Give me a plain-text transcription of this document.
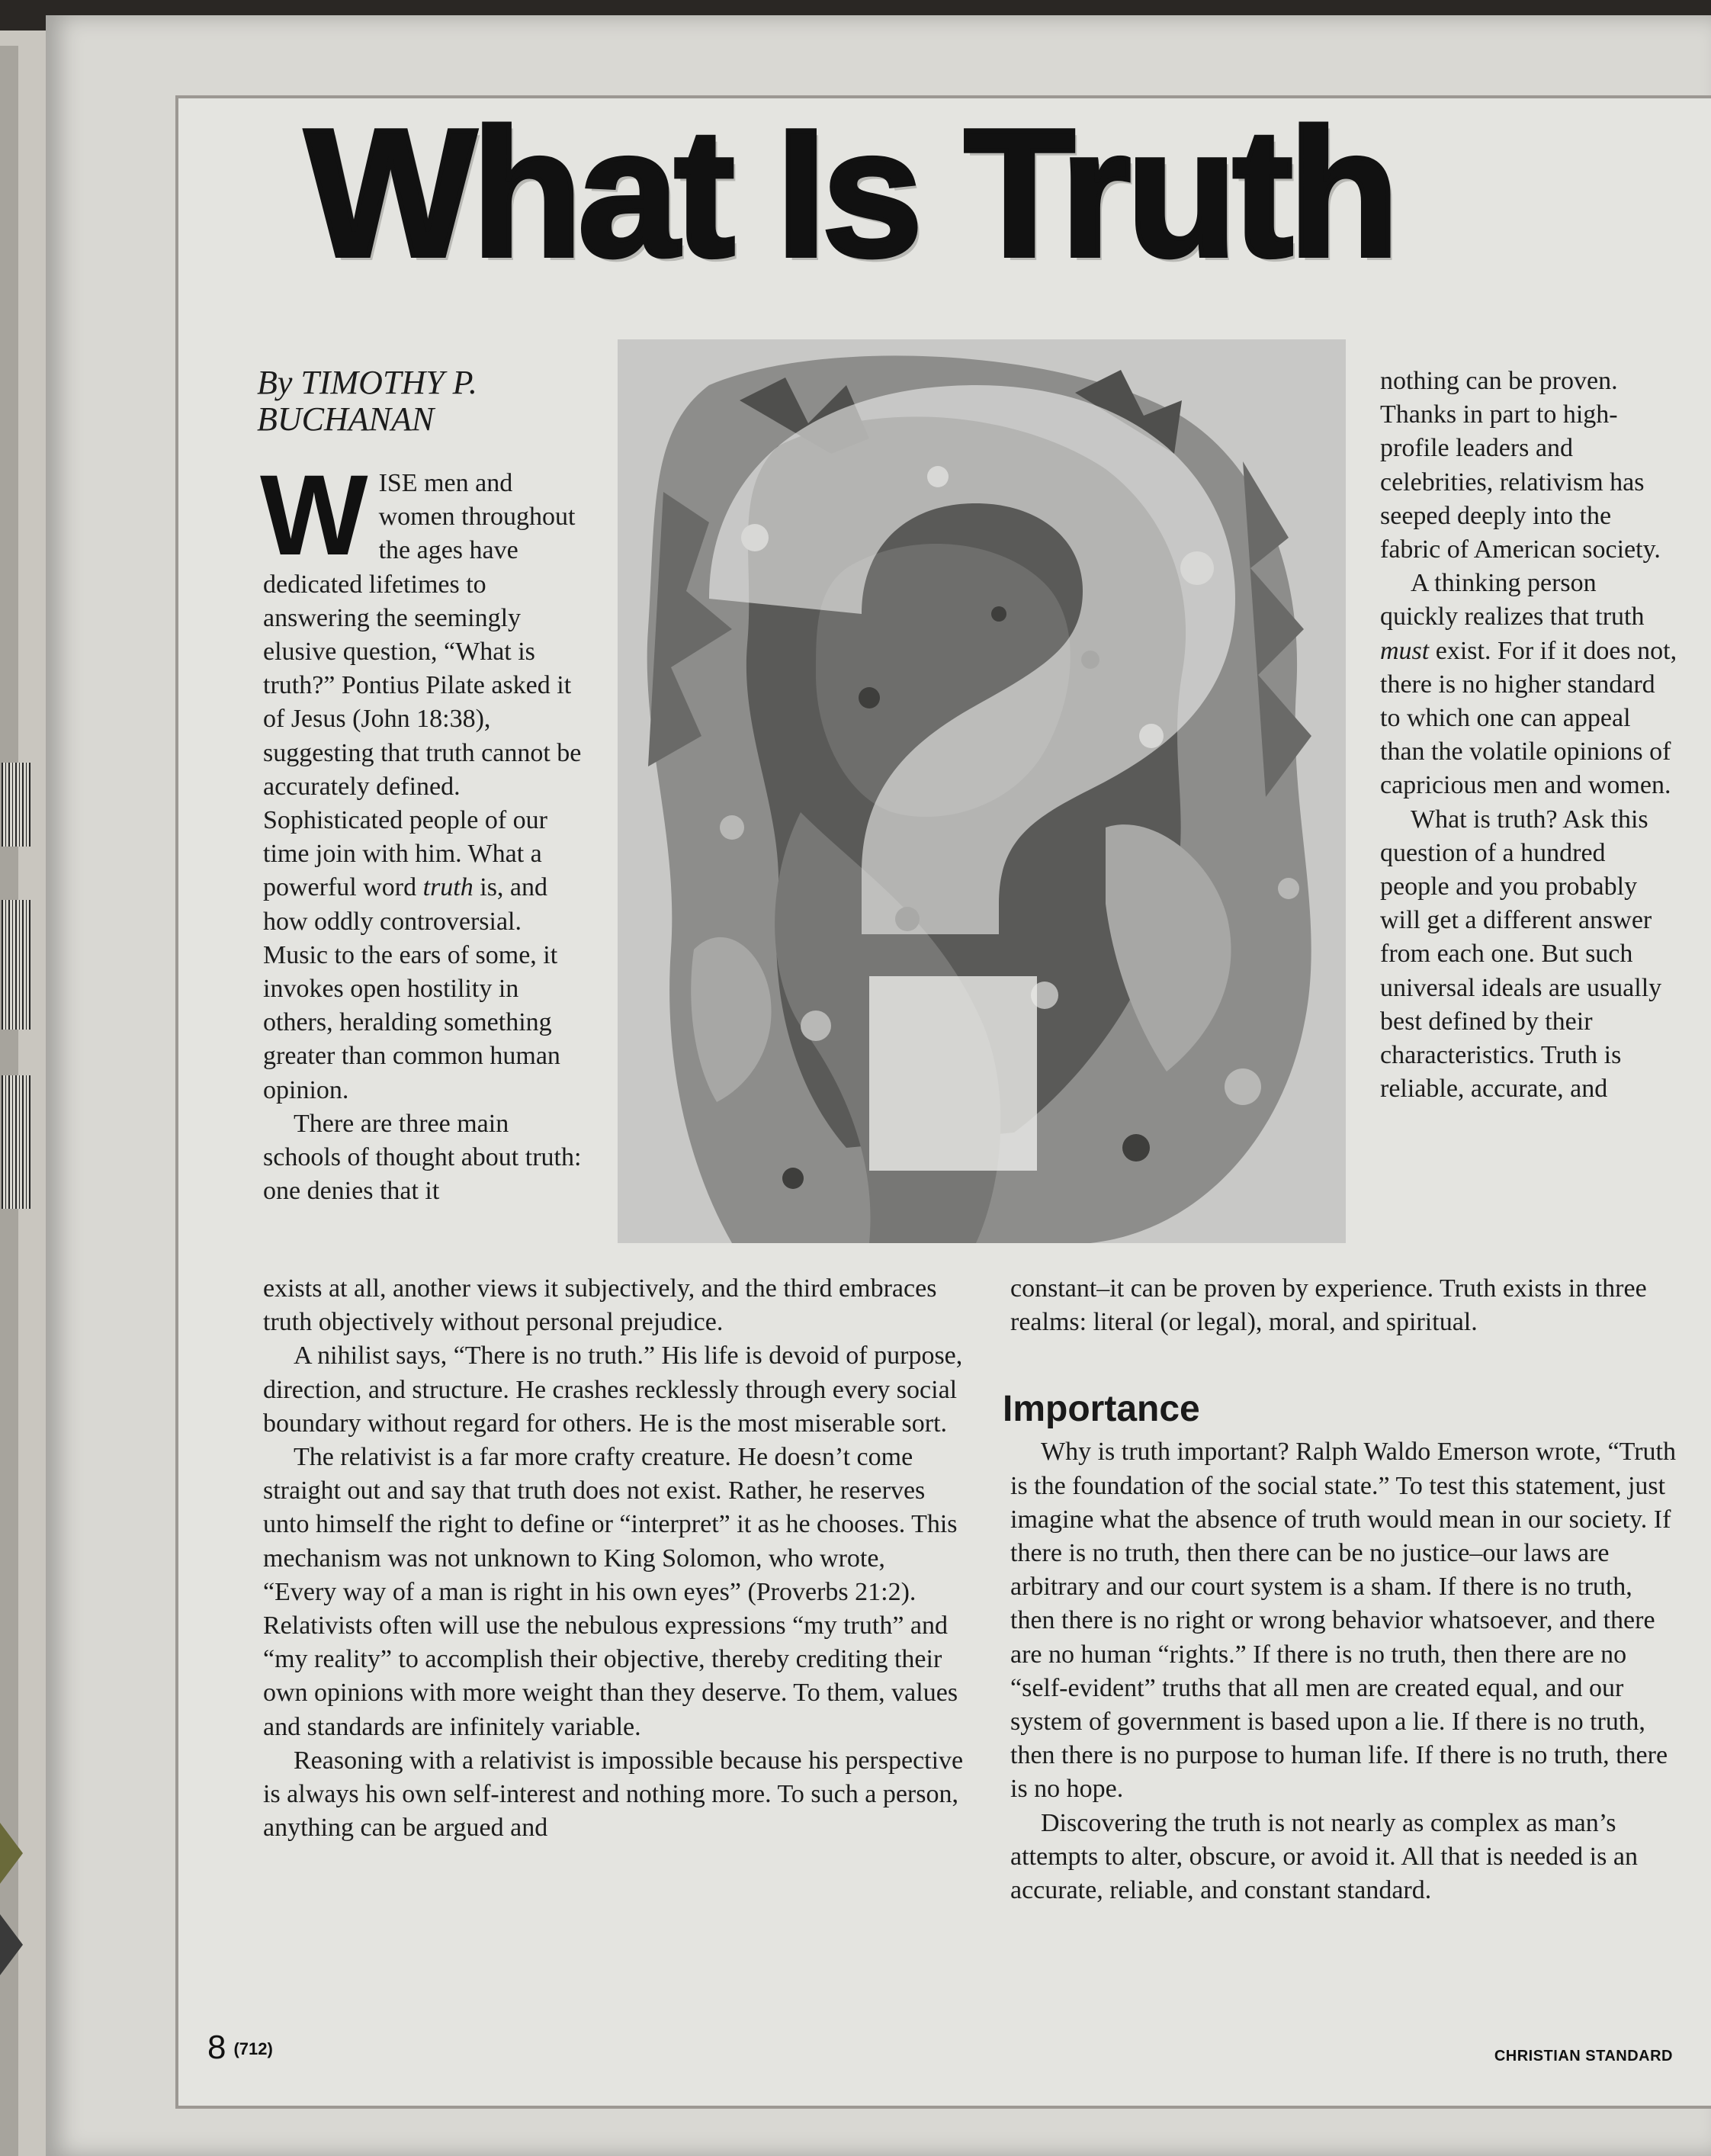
What Is Truth
By TIMOTHY P.
BUCHANAN

WISE men and women throughout the ages have dedicated lifetimes to answering the seemingly elusive question, “What is truth?” Pontius Pilate asked it of Jesus (John 18:38), suggesting that truth cannot be accurately defined. Sophisticated people of our time join with him. What a powerful word truth is, and how oddly controversial. Music to the ears of some, it invokes open hostility in others, heralding something greater than common human opinion.

There are three main schools of thought about truth: one denies that it

nothing can be proven. Thanks in part to high-profile leaders and celebrities, relativism has seeped deeply into the fabric of American society.

A thinking person quickly realizes that truth must exist. For if it does not, there is no higher standard to which one can appeal than the volatile opinions of capricious men and women.

What is truth? Ask this question of a hundred people and you probably will get a different answer from each one. But such universal ideals are usually best defined by their characteristics. Truth is reliable, accurate, and

exists at all, another views it subjectively, and the third embraces truth objectively without personal prejudice.

A nihilist says, “There is no truth.” His life is devoid of purpose, direction, and structure. He crashes recklessly through every social boundary without regard for others. He is the most miserable sort.

The relativist is a far more crafty creature. He doesn’t come straight out and say that truth does not exist. Rather, he reserves unto himself the right to define or “interpret” it as he chooses. This mechanism was not unknown to King Solomon, who wrote, “Every way of a man is right in his own eyes” (Proverbs 21:2). Relativists often will use the nebulous expressions “my truth” and “my reality” to accomplish their objective, thereby crediting their own opinions with more weight than they deserve. To them, values and standards are infinitely variable.

Reasoning with a relativist is impossible because his perspective is always his own self-interest and nothing more. To such a person, anything can be argued and

constant–it can be proven by experience. Truth exists in three realms: literal (or legal), moral, and spiritual.

Importance

Why is truth important? Ralph Waldo Emerson wrote, “Truth is the foundation of the social state.” To test this statement, just imagine what the absence of truth would mean in our society. If there is no truth, then there can be no justice–our laws are arbitrary and our court system is a sham. If there is no truth, then there is no right or wrong behavior whatsoever, and there are no human “rights.” If there is no truth, then there are no “self-evident” truths that all men are created equal, and our system of government is based upon a lie. If there is no truth, then there is no purpose to human life. If there is no truth, there is no hope.

Discovering the truth is not nearly as complex as man’s attempts to alter, obscure, or avoid it. All that is needed is an accurate, reliable, and constant standard.

8 (712)	CHRISTIAN STANDARD
